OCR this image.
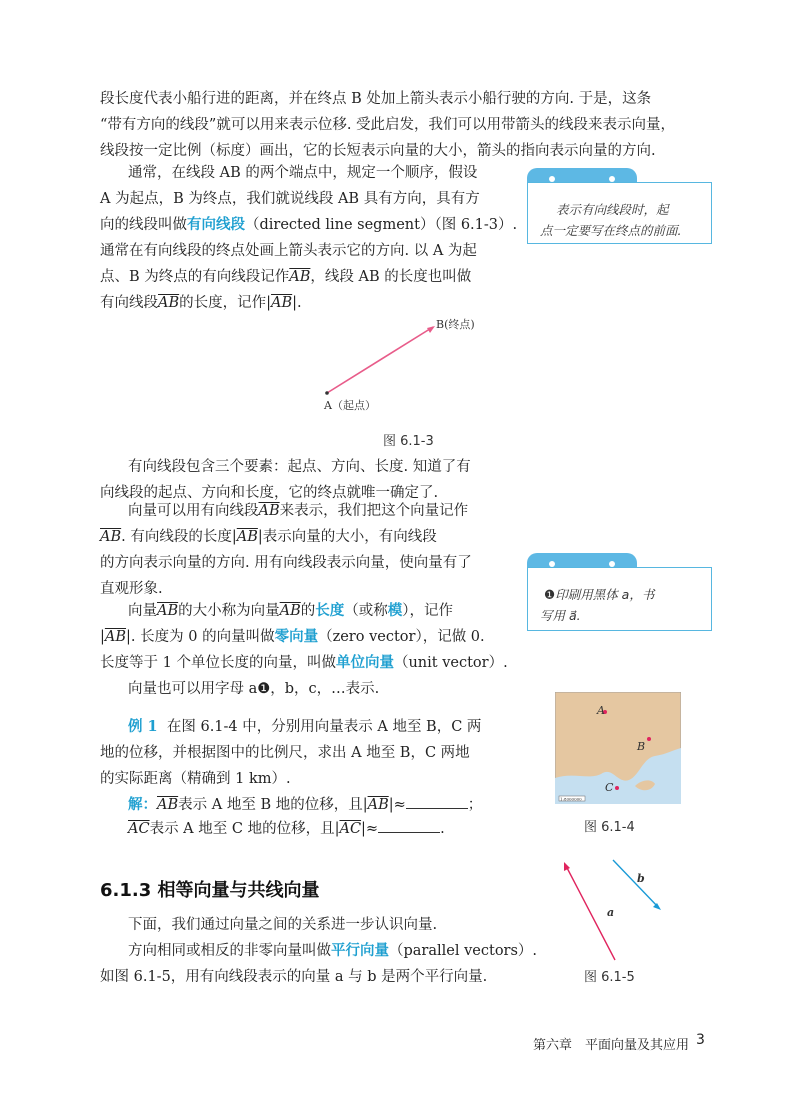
段长度代表小船行进的距离，并在终点 B 处加上箭头表示小船行驶的方向. 于是，这条

“带有方向的线段”就可以用来表示位移. 受此启发，我们可以用带箭头的线段来表示向量，

线段按一定比例（标度）画出，它的长短表示向量的大小，箭头的指向表示向量的方向.

通常，在线段 AB 的两个端点中，规定一个顺序，假设

A 为起点，B 为终点，我们就说线段 AB 具有方向，具有方

向的线段叫做有向线段（directed line segment）（图 6.1-3）.

通常在有向线段的终点处画上箭头表示它的方向. 以 A 为起

点、B 为终点的有向线段记作$\overline{AB}$，线段 AB 的长度也叫做

有向线段$\overline{AB}$的长度，记作$|\overline{AB}|$.

表示有向线段时，起
点一定要写在终点的前面.
B(终点)
A（起点）
图 6.1-3

有向线段包含三个要素：起点、方向、长度. 知道了有

向线段的起点、方向和长度，它的终点就唯一确定了.

向量可以用有向线段$\overline{AB}$来表示，我们把这个向量记作

$\overline{AB}$. 有向线段的长度$|\overline{AB}|$表示向量的大小，有向线段

的方向表示向量的方向. 用有向线段表示向量，使向量有了

直观形象.	❶印刷用黑体 a，书
写用 a⃗.

向量$\overline{AB}$的大小称为向量$\overline{AB}$的长度（或称模），记作

$|\overline{AB}|$. 长度为 0 的向量叫做零向量（zero vector），记做 0.

长度等于 1 个单位长度的向量，叫做单位向量（unit vector）.

向量也可以用字母 a❶，b，c，…表示.

例 1 在图 6.1-4 中，分别用向量表示 A 地至 B，C 两

地的位移，并根据图中的比例尺，求出 A 地至 B，C 两地

的实际距离（精确到 1 km）.

解：$\overline{AB}$表示 A 地至 B 地的位移，且$|\overline{AB}|\approx$	；

$\overline{AC}$表示 A 地至 C 地的位移，且$|\overline{AC}|\approx$	.

A
B
C
1:8000000
图 6.1-4
6.1.3 相等向量与共线向量

下面，我们通过向量之间的关系进一步认识向量.

方向相同或相反的非零向量叫做平行向量（parallel vectors）.

如图 6.1-5，用有向线段表示的向量 a 与 b 是两个平行向量.

a
b
图 6.1-5
第六章　平面向量及其应用 3
